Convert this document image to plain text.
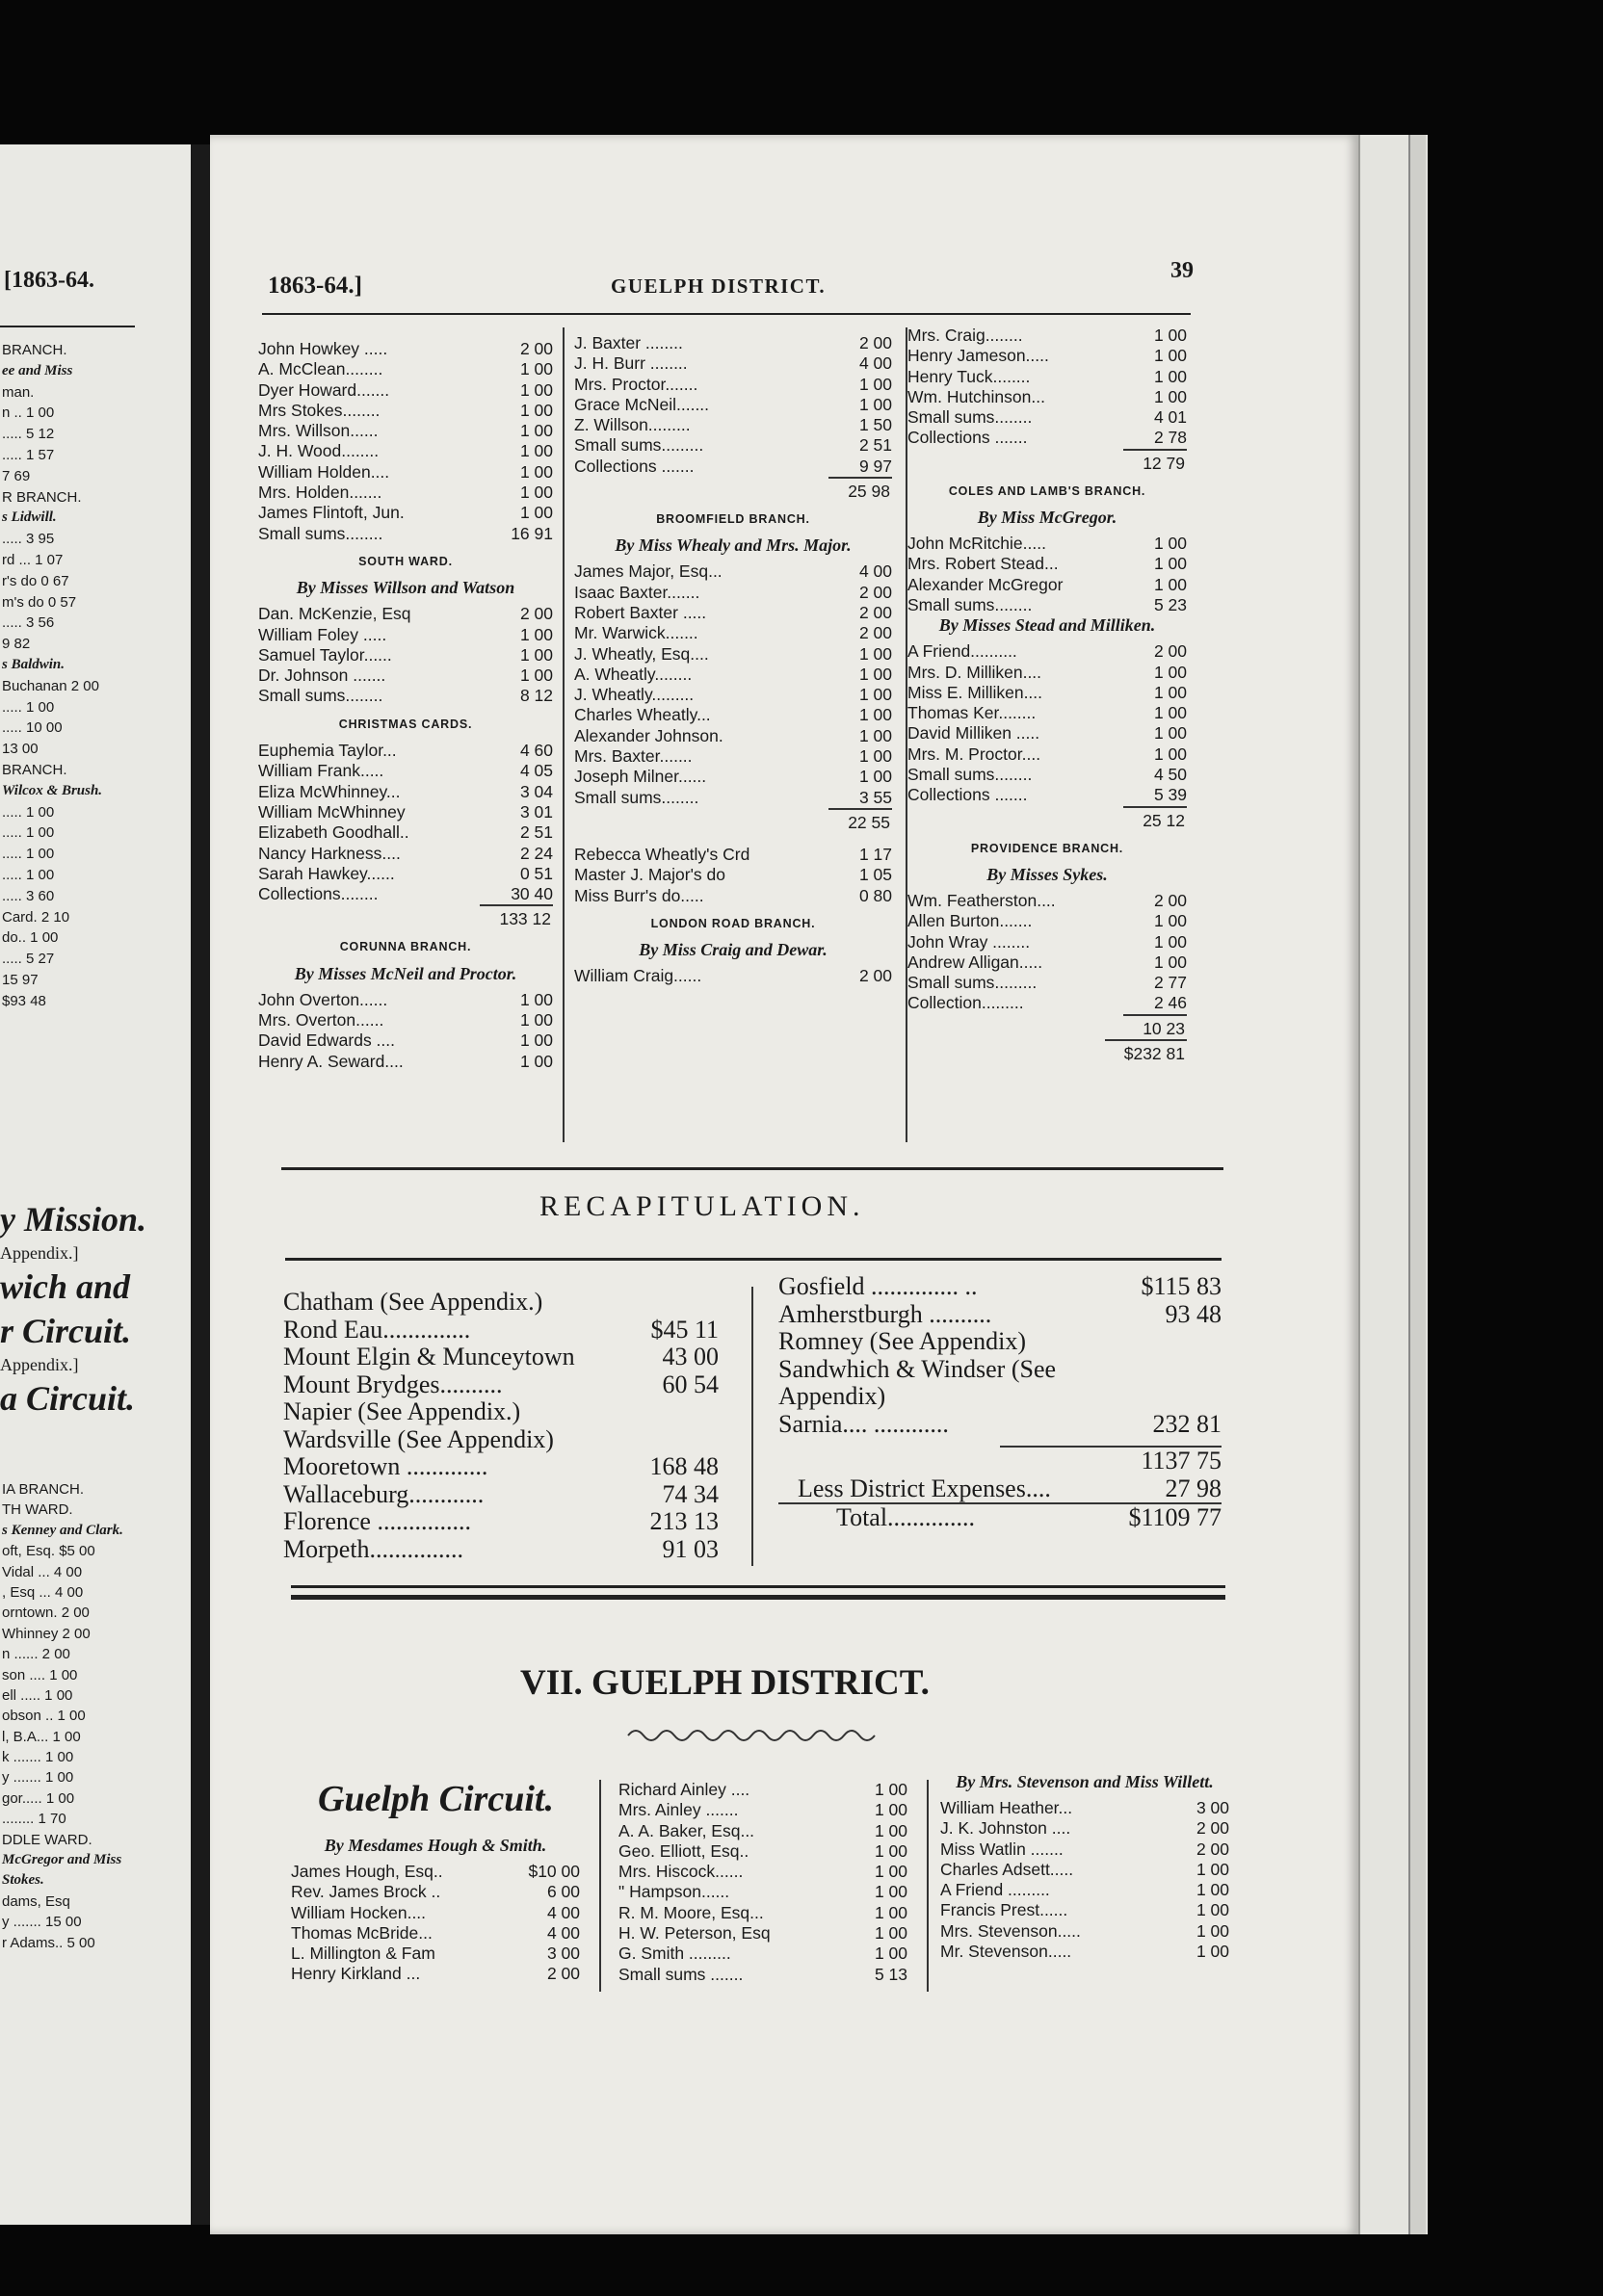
[1863-64.
BRANCH.
ee and Miss
man.
n .. 1 00
..... 5 12
..... 1 57
7 69
R BRANCH.
s Lidwill.
..... 3 95
rd ... 1 07
r's do 0 67
m's do 0 57
..... 3 56
9 82
s Baldwin.
Buchanan 2 00
..... 1 00
..... 10 00
13 00
BRANCH.
Wilcox & Brush.
..... 1 00
..... 1 00
..... 1 00
..... 1 00
..... 3 60
Card. 2 10
do.. 1 00
..... 5 27
15 97
$93 48
y Mission.
Appendix.]
wich and
r Circuit.
Appendix.]
a Circuit.
IA BRANCH.
TH WARD.
s Kenney and Clark.
oft, Esq. $5 00
Vidal ... 4 00
, Esq ... 4 00
orntown. 2 00
Whinney 2 00
n ...... 2 00
son .... 1 00
ell ..... 1 00
obson .. 1 00
l, B.A... 1 00
k ....... 1 00
y ....... 1 00
gor..... 1 00
........ 1 70
DDLE WARD.
McGregor and Miss
Stokes.
dams, Esq
y ....... 15 00
r Adams.. 5 00
1863-64.]	GUELPH DISTRICT.
39
John Howkey .....	2 00
A. McClean........	1 00
Dyer Howard.......	1 00
Mrs Stokes........	1 00
Mrs. Willson......	1 00
J. H. Wood........	1 00
William Holden....	1 00
Mrs. Holden.......	1 00
James Flintoft, Jun.	1 00
Small sums........	16 91
SOUTH WARD.
By Misses Willson and Watson
Dan. McKenzie, Esq	2 00
William Foley .....	1 00
Samuel Taylor......	1 00
Dr. Johnson .......	1 00
Small sums........	8 12
CHRISTMAS CARDS.
Euphemia Taylor...	4 60
William Frank.....	4 05
Eliza McWhinney...	3 04
William McWhinney	3 01
Elizabeth Goodhall..	2 51
Nancy Harkness....	2 24
Sarah Hawkey......	0 51
Collections........	30 40
133 12
CORUNNA BRANCH.
By Misses McNeil and Proctor.
John Overton......	1 00
Mrs. Overton......	1 00
David Edwards ....	1 00
Henry A. Seward....	1 00
J. Baxter ........	2 00
J. H. Burr ........	4 00
Mrs. Proctor.......	1 00
Grace McNeil.......	1 00
Z. Willson.........	1 50
Small sums.........	2 51
Collections .......	9 97
25 98
BROOMFIELD BRANCH.
By Miss Whealy and Mrs. Major.
James Major, Esq...	4 00
Isaac Baxter.......	2 00
Robert Baxter .....	2 00
Mr. Warwick.......	2 00
J. Wheatly, Esq....	1 00
A. Wheatly........	1 00
J. Wheatly.........	1 00
Charles Wheatly...	1 00
Alexander Johnson.	1 00
Mrs. Baxter.......	1 00
Joseph Milner......	1 00
Small sums........	3 55
22 55
Rebecca Wheatly's Crd	1 17
Master J. Major's do	1 05
Miss Burr's do.....	0 80
LONDON ROAD BRANCH.
By Miss Craig and Dewar.
William Craig......	2 00
Mrs. Craig........	1 00
Henry Jameson.....	1 00
Henry Tuck........	1 00
Wm. Hutchinson...	1 00
Small sums........	4 01
Collections .......	2 78
12 79
COLES AND LAMB'S BRANCH.
By Miss McGregor.
John McRitchie.....	1 00
Mrs. Robert Stead...	1 00
Alexander McGregor	1 00
Small sums........	5 23
By Misses Stead and Milliken.
A Friend..........	2 00
Mrs. D. Milliken....	1 00
Miss E. Milliken....	1 00
Thomas Ker........	1 00
David Milliken .....	1 00
Mrs. M. Proctor....	1 00
Small sums........	4 50
Collections .......	5 39
25 12
PROVIDENCE BRANCH.
By Misses Sykes.
Wm. Featherston....	2 00
Allen Burton.......	1 00
John Wray ........	1 00
Andrew Alligan.....	1 00
Small sums.........	2 77
Collection.........	2 46
10 23
$232 81
RECAPITULATION.
Chatham (See Appendix.)
Rond Eau..............	$45 11
Mount Elgin & Munceytown	43 00
Mount Brydges..........	60 54
Napier (See Appendix.)
Wardsville (See Appendix)
Mooretown .............	168 48
Wallaceburg............	74 34
Florence ...............	213 13
Morpeth...............	91 03
Gosfield .............. ..	$115 83
Amherstburgh ..........	93 48
Romney (See Appendix)
Sandwhich & Windser (See
Appendix)
Sarnia.... ............	232 81
1137 75
Less District Expenses....	27 98
Total..............	$1109 77
VII. GUELPH DISTRICT.
Guelph Circuit.
By Mesdames Hough & Smith.
James Hough, Esq..	$10 00
Rev. James Brock ..	6 00
William Hocken....	4 00
Thomas McBride...	4 00
L. Millington & Fam	3 00
Henry Kirkland ...	2 00
Richard Ainley ....	1 00
Mrs. Ainley .......	1 00
A. A. Baker, Esq...	1 00
Geo. Elliott, Esq..	1 00
Mrs. Hiscock......	1 00
" Hampson......	1 00
R. M. Moore, Esq...	1 00
H. W. Peterson, Esq	1 00
G. Smith .........	1 00
Small sums .......	5 13
By Mrs. Stevenson and Miss Willett.
William Heather...	3 00
J. K. Johnston ....	2 00
Miss Watlin .......	2 00
Charles Adsett.....	1 00
A Friend .........	1 00
Francis Prest......	1 00
Mrs. Stevenson.....	1 00
Mr. Stevenson.....	1 00
